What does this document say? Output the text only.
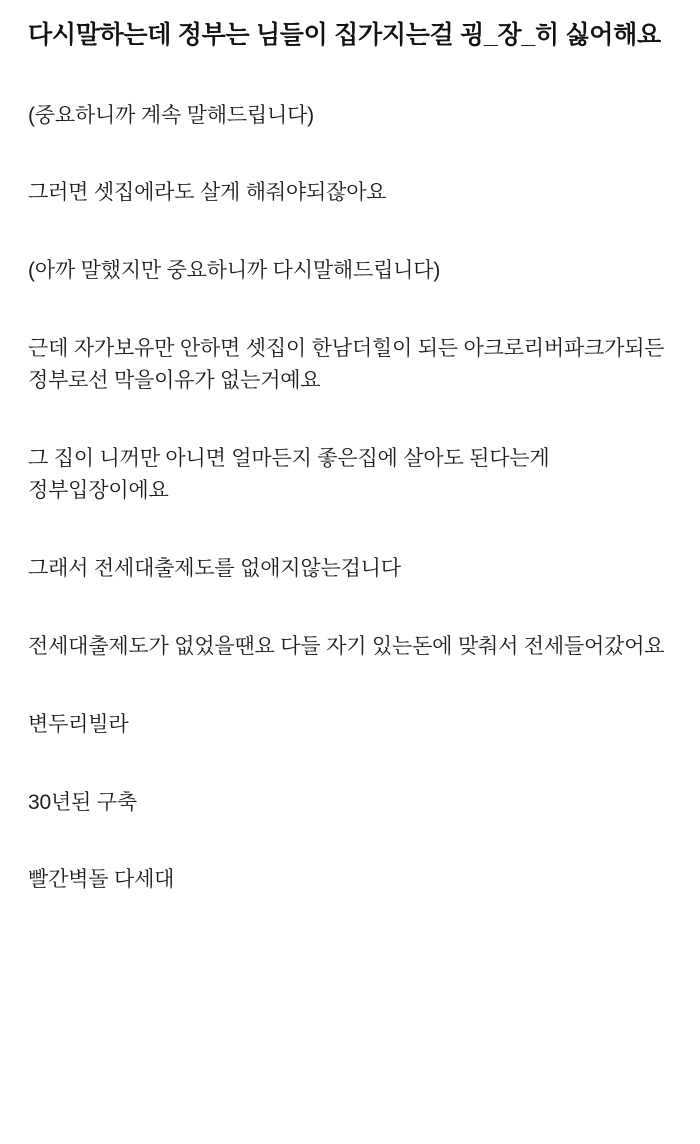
다시말하는데 정부는 님들이 집가지는걸 굉_장_히 싫어해요

(중요하니까 계속 말해드립니다)

그러면 셋집에라도 살게 해줘야되잖아요

(아까 말했지만 중요하니까 다시말해드립니다)

근데 자가보유만 안하면 셋집이 한남더힐이 되든 아크로리버파크가되든 정부로선 막을이유가 없는거예요

그 집이 니꺼만 아니면 얼마든지 좋은집에 살아도 된다는게 정부입장이에요

그래서 전세대출제도를 없애지않는겁니다

전세대출제도가 없었을땐요 다들 자기 있는돈에 맞춰서 전세들어갔어요

변두리빌라

30년된 구축

빨간벽돌 다세대
